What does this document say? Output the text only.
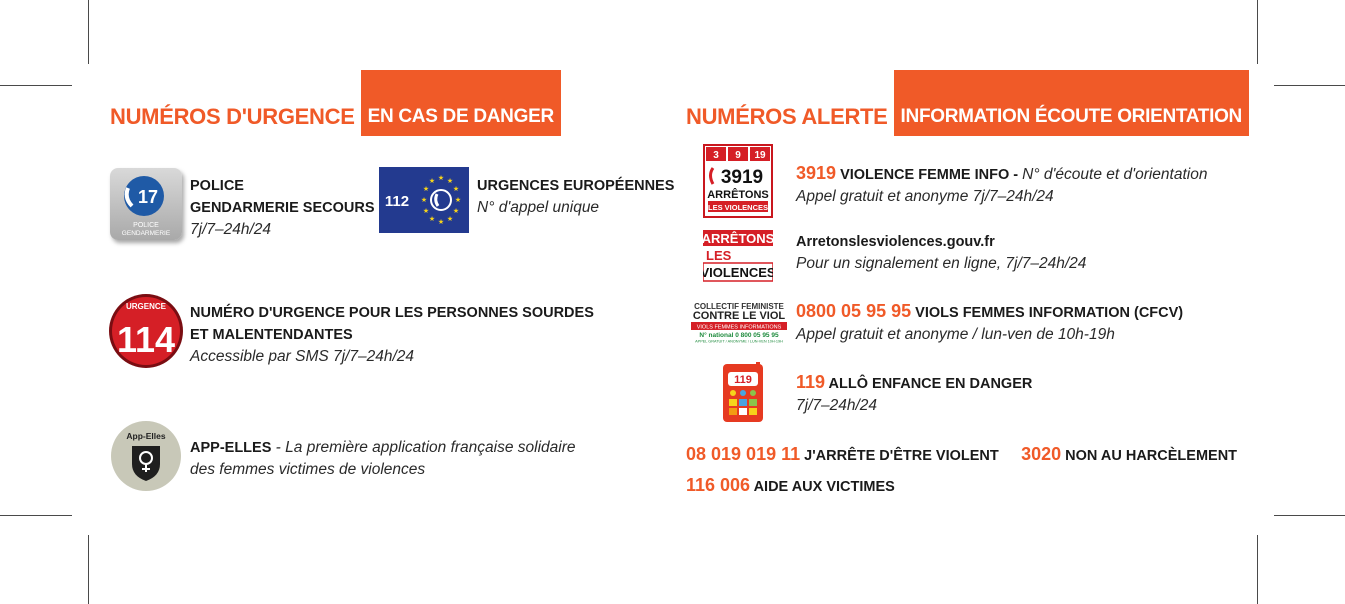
NUMÉROS D'URGENCE EN CAS DE DANGER	NUMÉROS ALERTE INFORMATION ÉCOUTE ORIENTATION
17
POLICE
GENDARMERIE
POLICE
GENDARMERIE SECOURS
7j/7–24h/24
112
★ ★
★
★
★
★
★
★
★
★
★
★	URGENCES EUROPÉENNES
N° d'appel unique
URGENCE
114
NUMÉRO D'URGENCE POUR LES PERSONNES SOURDES
ET MALENTENDANTES
Accessible par SMS 7j/7–24h/24
App-Elles
APP-ELLES - La première application française solidaire
des femmes victimes de violences
3 9 19
3919
ARRÊTONS
LES VIOLENCES
3919 VIOLENCE FEMME INFO - N° d'écoute et d'orientation
Appel gratuit et anonyme 7j/7–24h/24
ARRÊTONS
LES
VIOLENCES
Arretonslesviolences.gouv.fr
Pour un signalement en ligne, 7j/7–24h/24
COLLECTIF FEMINISTE
CONTRE LE VIOL
VIOLS FEMMES INFORMATIONS
N° national 0 800 05 95 95
APPEL GRATUIT / ANONYME / LUN-VEN 10H-19H
0800 05 95 95 VIOLS FEMMES INFORMATION (CFCV)
Appel gratuit et anonyme / lun-ven de 10h-19h
119 119 ALLÔ ENFANCE EN DANGER
7j/7–24h/24
08 019 019 11 J'ARRÊTE D'ÊTRE VIOLENT 3020 NON AU HARCÈLEMENT
116 006 AIDE AUX VICTIMES
